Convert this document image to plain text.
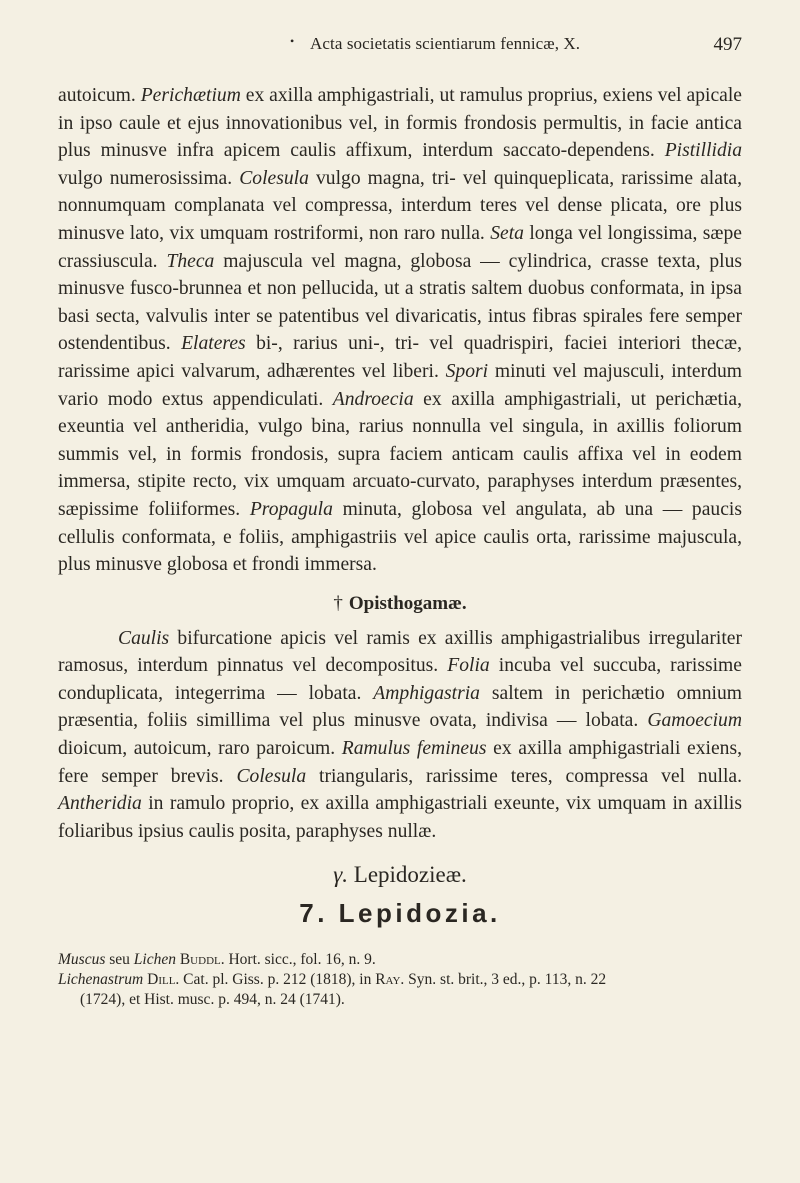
• Acta societatis scientiarum fennicæ, X.	497

autoicum. Perichætium ex axilla amphigastriali, ut ramulus proprius, exiens vel apicale in ipso caule et ejus innovationibus vel, in formis frondosis permultis, in facie antica plus minusve infra apicem caulis affixum, interdum saccato-dependens. Pistillidia vulgo numerosissima. Colesula vulgo magna, tri- vel quinqueplicata, rarissime alata, nonnumquam complanata vel compressa, interdum teres vel dense plicata, ore plus minusve lato, vix umquam rostriformi, non raro nulla. Seta longa vel longissima, sæpe crassiuscula. Theca majuscula vel magna, globosa — cylindrica, crasse texta, plus minusve fusco-brunnea et non pellucida, ut a stratis saltem duobus conformata, in ipsa basi secta, valvulis inter se patentibus vel divaricatis, intus fibras spirales fere semper ostendentibus. Elateres bi-, rarius uni-, tri- vel quadrispiri, faciei interiori thecæ, rarissime apici valvarum, adhærentes vel liberi. Spori minuti vel majusculi, interdum vario modo extus appendiculati. Androecia ex axilla amphigastriali, ut perichætia, exeuntia vel antheridia, vulgo bina, rarius nonnulla vel singula, in axillis foliorum summis vel, in formis frondosis, supra faciem anticam caulis affixa vel in eodem immersa, stipite recto, vix umquam arcuato-curvato, paraphyses interdum præsentes, sæpissime foliiformes. Propagula minuta, globosa vel angulata, ab una — paucis cellulis conformata, e foliis, amphigastriis vel apice caulis orta, rarissime majuscula, plus minusve globosa et frondi immersa.

† Opisthogamæ.

Caulis bifurcatione apicis vel ramis ex axillis amphigastrialibus irregulariter ramosus, interdum pinnatus vel decompositus. Folia incuba vel succuba, rarissime conduplicata, integerrima — lobata. Amphigastria saltem in perichætio omnium præsentia, foliis simillima vel plus minusve ovata, indivisa — lobata. Gamoecium dioicum, autoicum, raro paroicum. Ramulus femineus ex axilla amphigastriali exiens, fere semper brevis. Colesula triangularis, rarissime teres, compressa vel nulla. Antheridia in ramulo proprio, ex axilla amphigastriali exeunte, vix umquam in axillis foliaribus ipsius caulis posita, paraphyses nullæ.

γ. Lepidozieæ.
7. Lepidozia.

Muscus seu Lichen Buddl. Hort. sicc., fol. 16, n. 9.

Lichenastrum Dill. Cat. pl. Giss. p. 212 (1818), in Ray. Syn. st. brit., 3 ed., p. 113, n. 22

(1724), et Hist. musc. p. 494, n. 24 (1741).
